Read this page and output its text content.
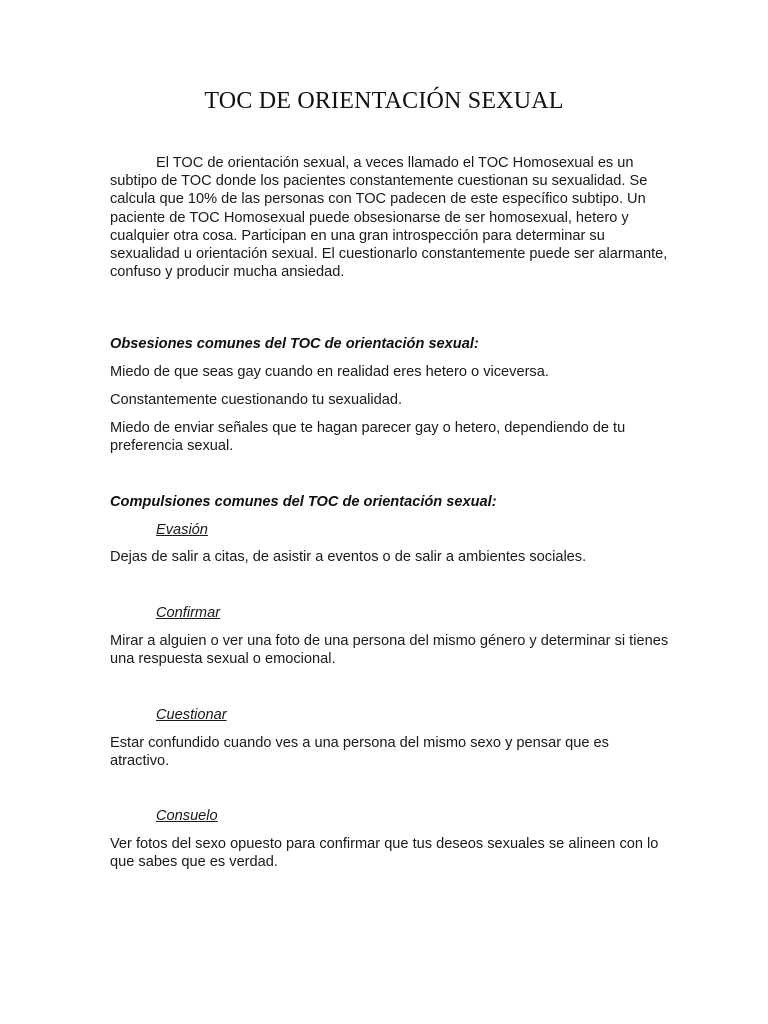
TOC DE ORIENTACIÓN SEXUAL

El TOC de orientación sexual, a veces llamado el TOC Homosexual es un subtipo de TOC donde los pacientes constantemente cuestionan su sexualidad. Se calcula que 10% de las personas con TOC padecen de este específico subtipo. Un paciente de TOC Homosexual puede obsesionarse de ser homosexual, hetero y cualquier otra cosa. Participan en una gran introspección para determinar su sexualidad u orientación sexual. El cuestionarlo constantemente puede ser alarmante, confuso y producir mucha ansiedad.

Obsesiones comunes del TOC de orientación sexual:

Miedo de que seas gay cuando en realidad eres hetero o viceversa.

Constantemente cuestionando tu sexualidad.

Miedo de enviar señales que te hagan parecer gay o hetero, dependiendo de tu preferencia sexual.

Compulsiones comunes del TOC de orientación sexual:
Evasión

Dejas de salir a citas, de asistir a eventos o de salir a ambientes sociales.

Confirmar

Mirar a alguien o ver una foto de una persona del mismo género y determinar si tienes una respuesta sexual o emocional.

Cuestionar

Estar confundido cuando ves a una persona del mismo sexo y pensar que es atractivo.

Consuelo

Ver fotos del sexo opuesto para confirmar que tus deseos sexuales se alineen con lo que sabes que es verdad.
